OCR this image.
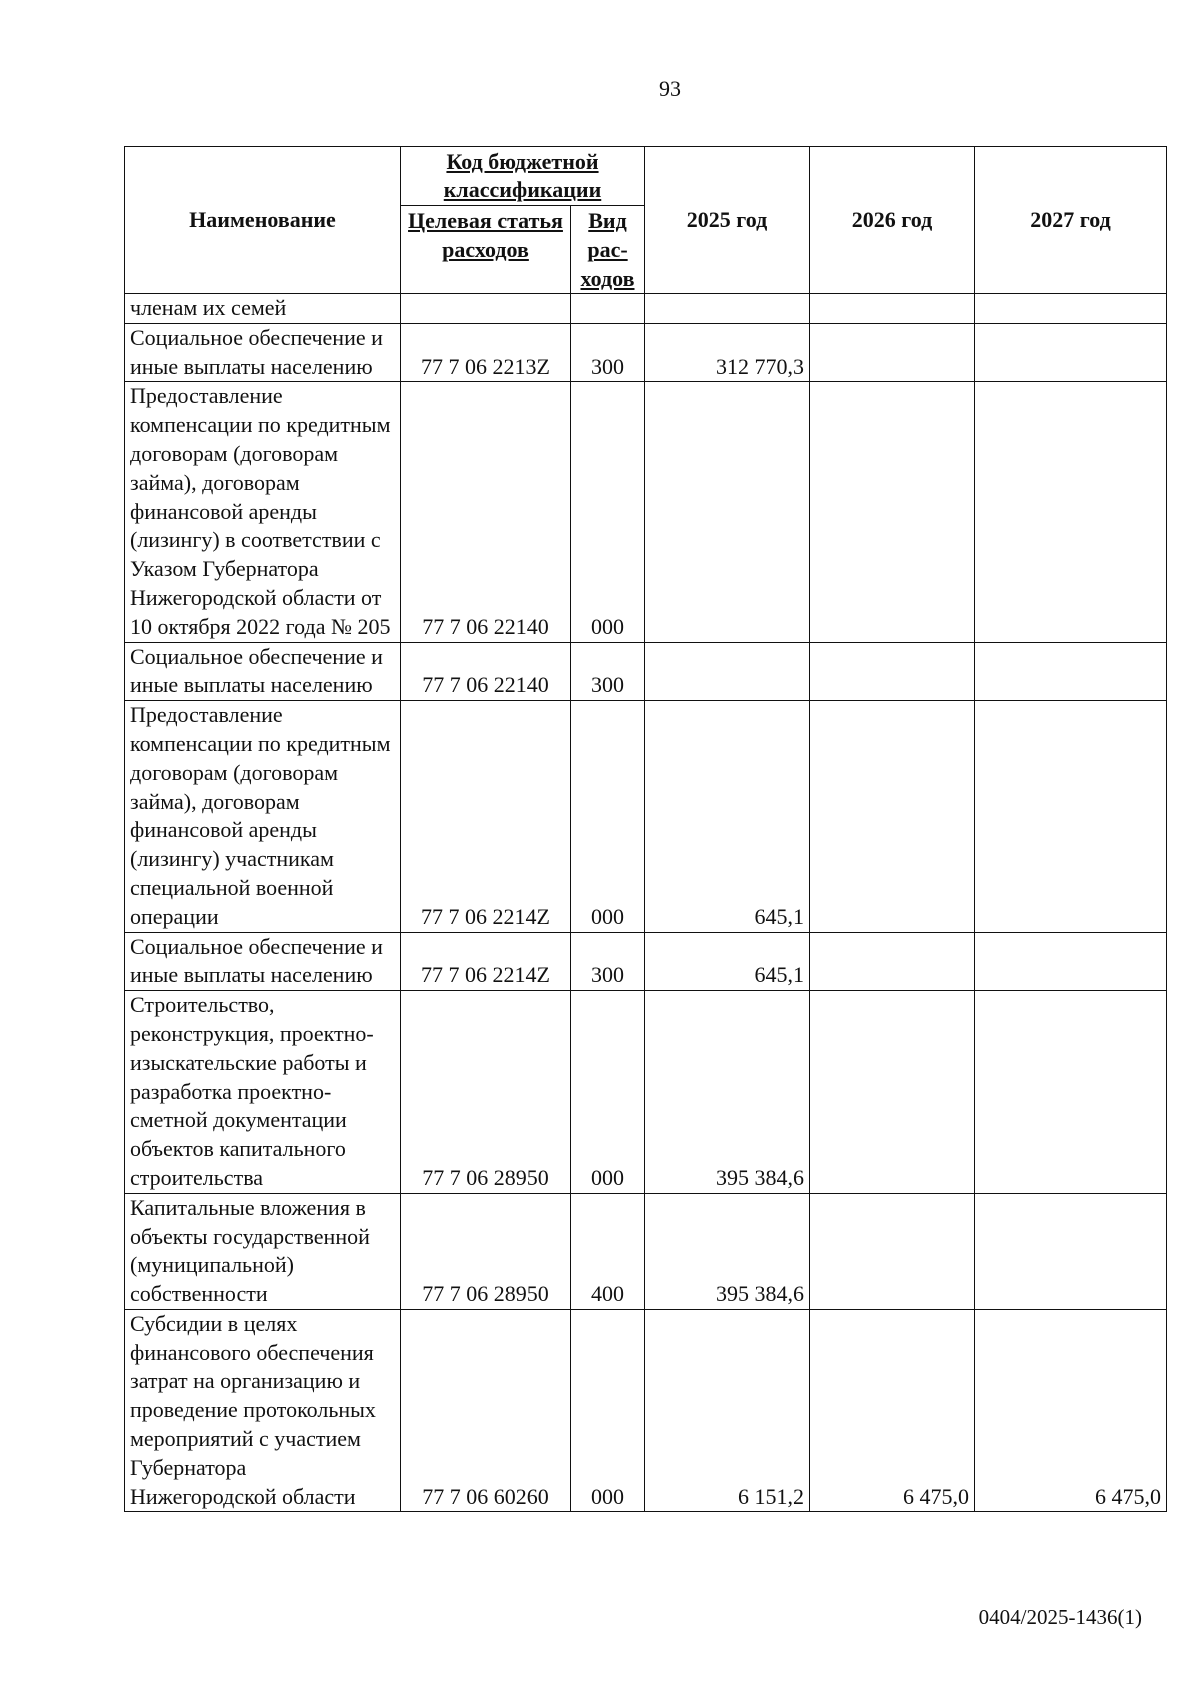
93
Наименование	Код бюджетной классификации		2025 год	2026 год	2027 год
	Целевая статья расходов	Вид рас- ходов			
членам их семей					
Социальное обеспечение и иные выплаты населению	77 7 06 2213Z	300	312 770,3		
Предоставление компенсации по кредитным договорам (договорам займа), договорам финансовой аренды (лизингу) в соответствии с Указом Губернатора Нижегородской области от 10 октября 2022 года № 205	77 7 06 22140	000			
Социальное обеспечение и иные выплаты населению	77 7 06 22140	300			
Предоставление компенсации по кредитным договорам (договорам займа), договорам финансовой аренды (лизингу) участникам специальной военной операции	77 7 06 2214Z	000	645,1		
Социальное обеспечение и иные выплаты населению	77 7 06 2214Z	300	645,1		
Строительство, реконструкция, проектно-изыскательские работы и разработка проектно-сметной документации объектов капитального строительства	77 7 06 28950	000	395 384,6		
Капитальные вложения в объекты государственной (муниципальной) собственности	77 7 06 28950	400	395 384,6		
Субсидии в целях финансового обеспечения затрат на организацию и проведение протокольных мероприятий с участием Губернатора Нижегородской области	77 7 06 60260	000	6 151,2	6 475,0	6 475,0
0404/2025-1436(1)
